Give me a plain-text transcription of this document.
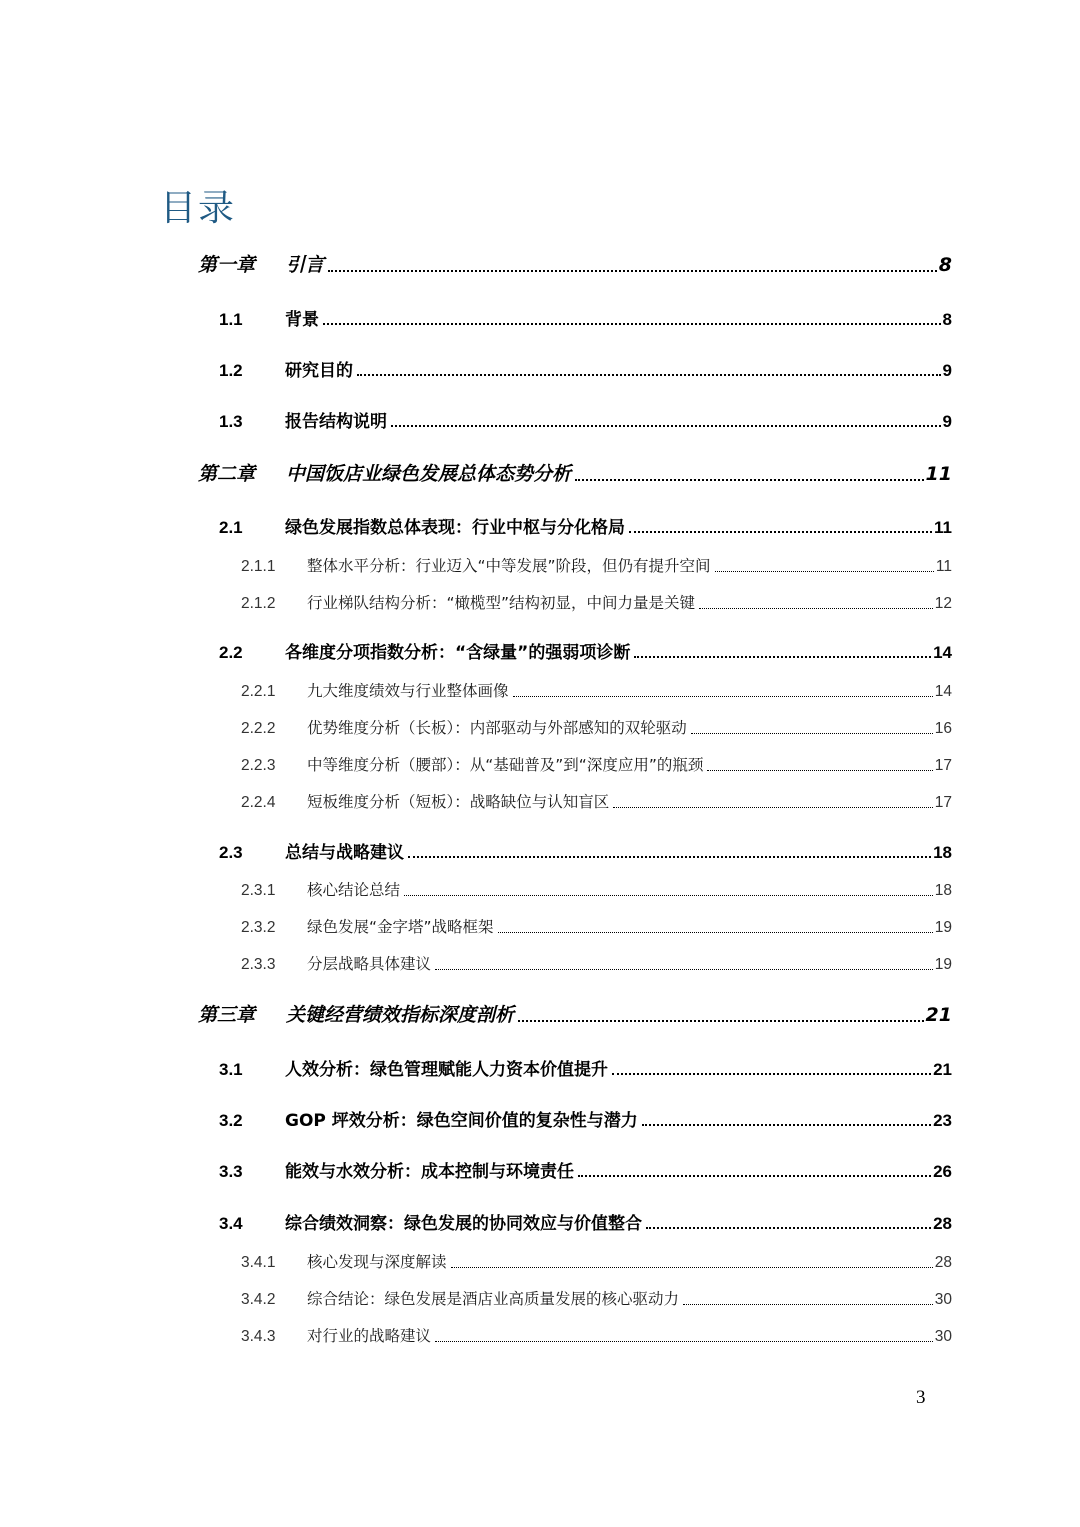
目录
第一章	引言	8
1.1	背景	8
1.2	研究目的	9
1.3	报告结构说明	9
第二章	中国饭店业绿色发展总体态势分析	11
2.1	绿色发展指数总体表现：行业中枢与分化格局	11
2.1.1	整体水平分析：行业迈入“中等发展”阶段，但仍有提升空间	11
2.1.2	行业梯队结构分析：“橄榄型”结构初显，中间力量是关键	12
2.2	各维度分项指数分析：“含绿量”的强弱项诊断	14
2.2.1	九大维度绩效与行业整体画像	14
2.2.2	优势维度分析（长板）：内部驱动与外部感知的双轮驱动	16
2.2.3	中等维度分析（腰部）：从“基础普及”到“深度应用”的瓶颈	17
2.2.4	短板维度分析（短板）：战略缺位与认知盲区	17
2.3	总结与战略建议	18
2.3.1	核心结论总结	18
2.3.2	绿色发展“金字塔”战略框架	19
2.3.3	分层战略具体建议	19
第三章	关键经营绩效指标深度剖析	21
3.1	人效分析：绿色管理赋能人力资本价值提升	21
3.2	GOP 坪效分析：绿色空间价值的复杂性与潜力	23
3.3	能效与水效分析：成本控制与环境责任	26
3.4	综合绩效洞察：绿色发展的协同效应与价值整合	28
3.4.1	核心发现与深度解读	28
3.4.2	综合结论：绿色发展是酒店业高质量发展的核心驱动力	30
3.4.3	对行业的战略建议	30
3
